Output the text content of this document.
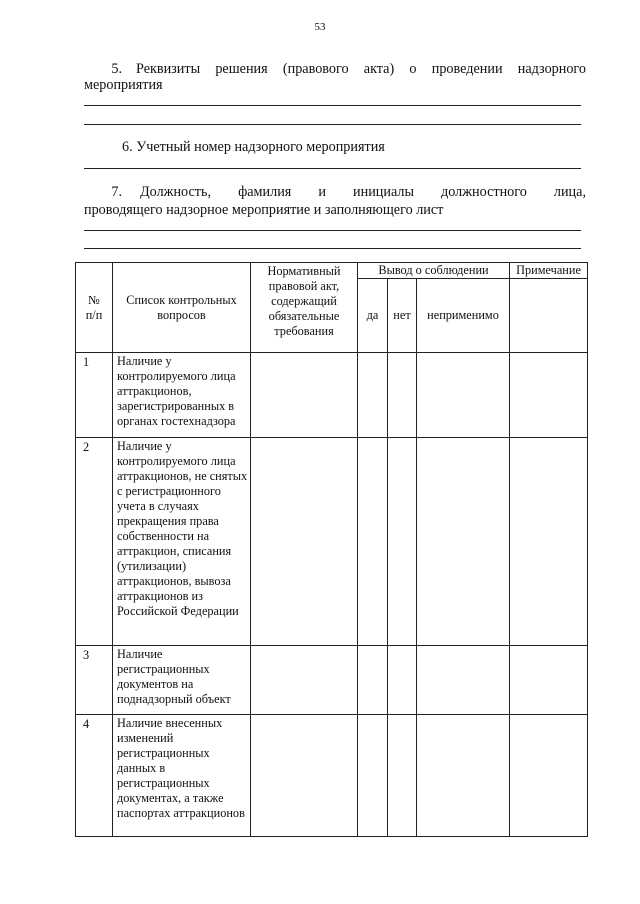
53
5. Реквизиты решения (правового акта) о проведении надзорного
мероприятия
6. Учетный номер надзорного мероприятия
7. Должность, фамилия и инициалы должностного лица,
проводящего надзорное мероприятие и заполняющего лист
№ п/п	Список контрольных вопросов	Нормативный правовой акт, содержащий обязательные требования	Вывод о соблюдении			Примечание
			да	нет	неприменимо	
1	Наличие у контролируемого лица аттракционов, зарегистрированных в органах гостехнадзора					
2	Наличие у контролируемого лица аттракционов, не снятых с регистрационного учета в случаях прекращения права собственности на аттракцион, списания (утилизации) аттракционов, вывоза аттракционов из Российской Федерации					
3	Наличие регистрационных документов на поднадзорный объект					
4	Наличие внесенных изменений регистрационных данных в регистрационных документах, а также паспортах аттракционов					
